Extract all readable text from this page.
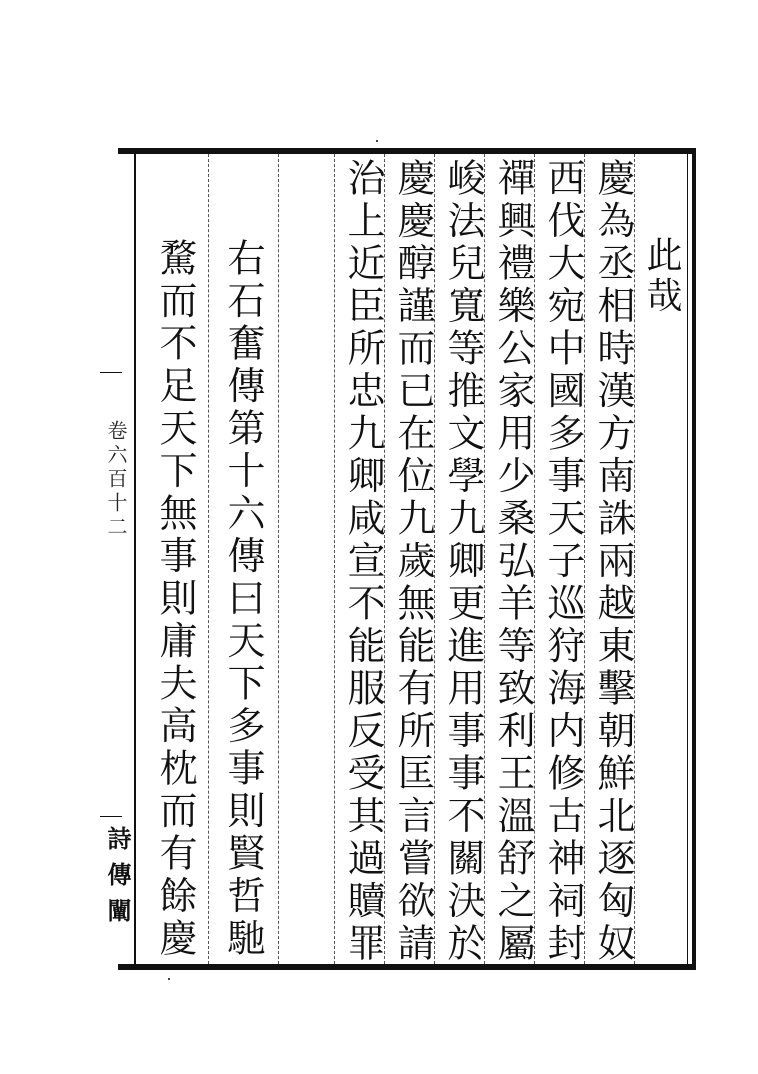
此哉
慶為丞相時漢方南誅兩越東擊朝鮮北逐匈奴
西伐大宛中國多事天子巡狩海内修古神祠封
禪興禮樂公家用少桑弘羊等致利王溫舒之屬
峻法兒寬等推文學九卿更進用事事不關決於
慶慶醇謹而已在位九歲無能有所匡言嘗欲請
治上近臣所忠九卿咸宣不能服反受其過贖罪
右石奮傳第十六傳曰天下多事則賢哲馳
騖而不足天下無事則庸夫高枕而有餘慶
卷六百十二
詩傳闡
